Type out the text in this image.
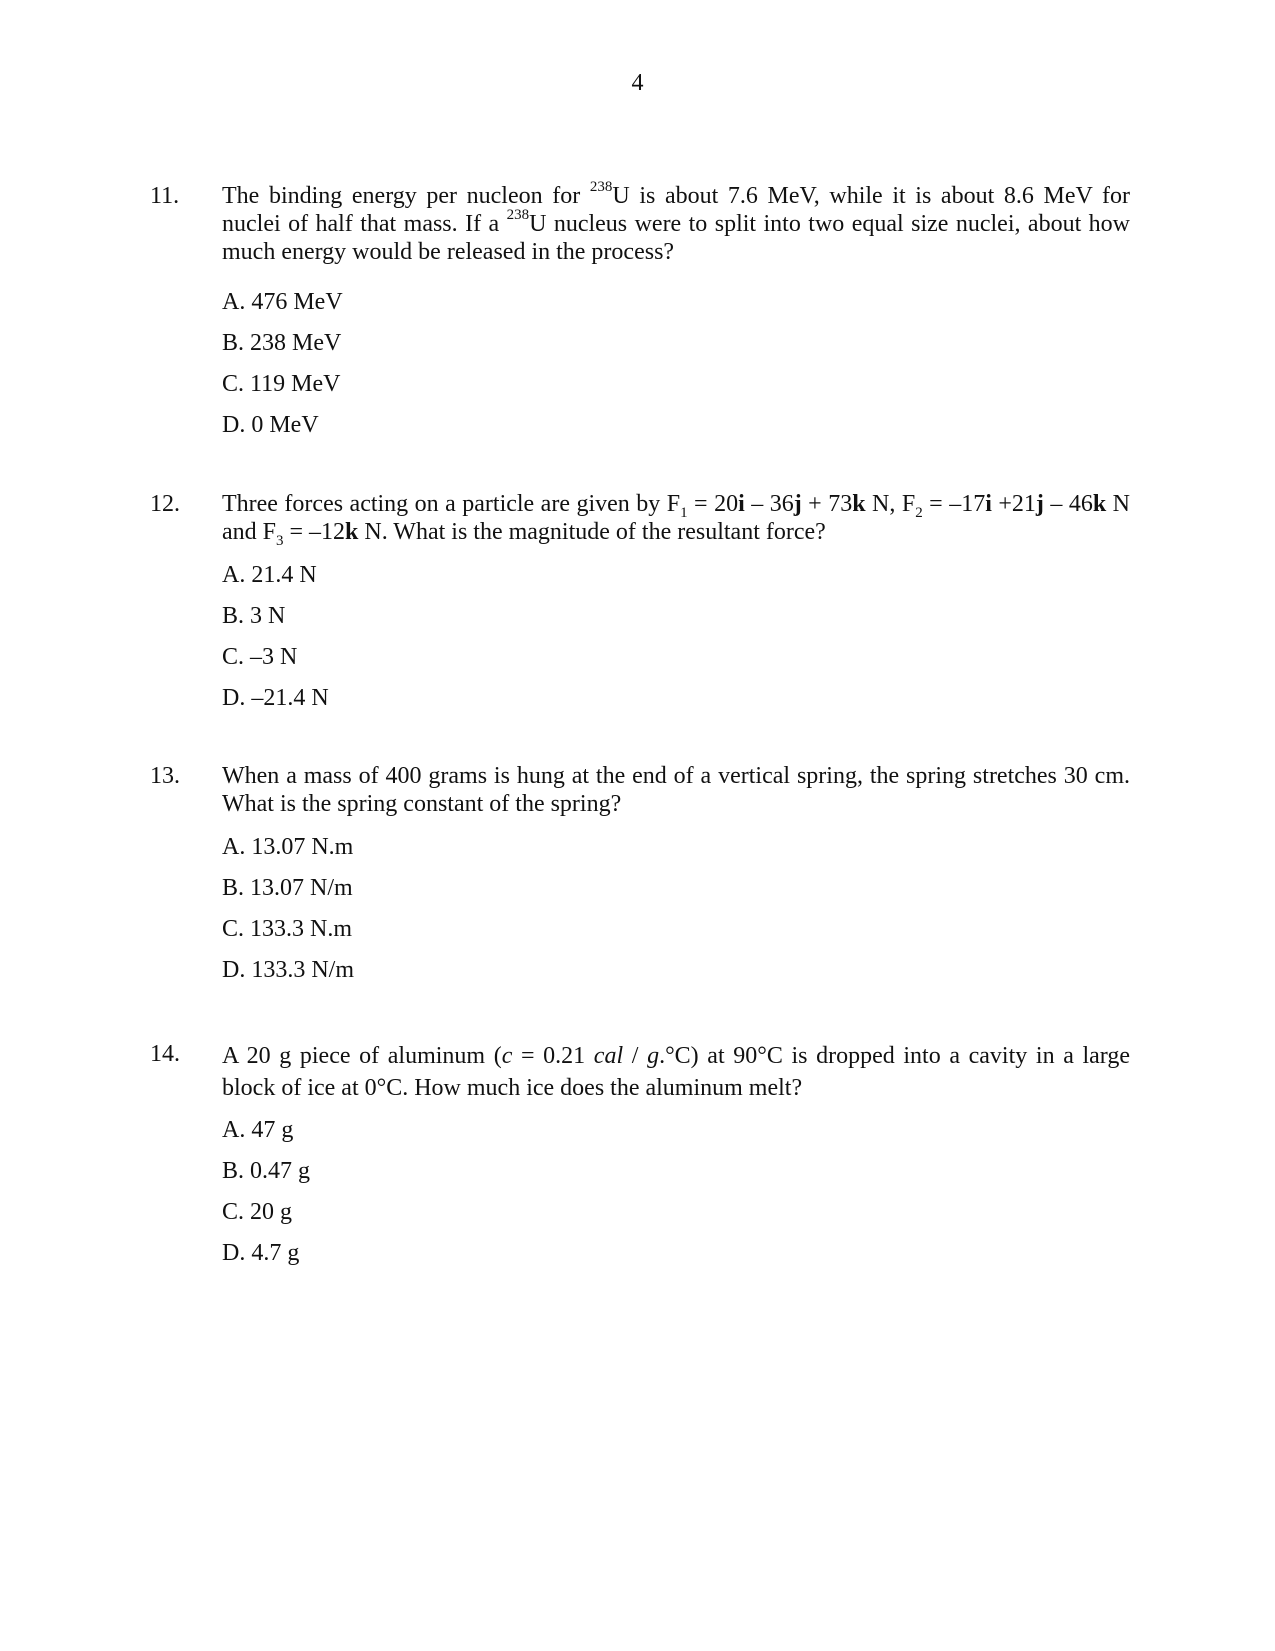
4
11. The binding energy per nucleon for $^{238}$U is about 7.6 MeV, while it is about 8.6 MeV for nuclei of half that mass. If a $^{238}$U nucleus were to split into two equal size nuclei, about how much energy would be released in the process?
A. 476 MeV
B. 238 MeV
C. 119 MeV
D. 0 MeV
12. Three forces acting on a particle are given by $F_1 = 20i - 36j + 73k$ N, $F_2 = -17i +21j - 46k$ N and $F_3 = -12k$ N. What is the magnitude of the resultant force?
A. 21.4 N
B. 3 N
C. –3 N
D. –21.4 N
13. When a mass of 400 grams is hung at the end of a vertical spring, the spring stretches 30 cm. What is the spring constant of the spring?
A. 13.07 N.m
B. 13.07 N/m
C. 133.3 N.m
D. 133.3 N/m
14. A 20 g piece of aluminum (c = 0.21 cal / g.°C) at 90°C is dropped into a cavity in a large block of ice at 0°C. How much ice does the aluminum melt?
A. 47 g
B. 0.47 g
C. 20 g
D. 4.7 g
